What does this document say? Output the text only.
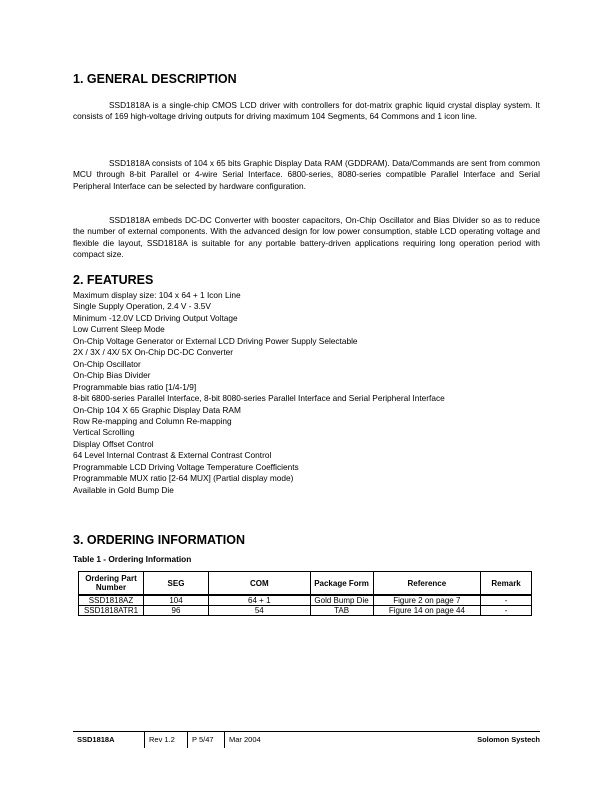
1. GENERAL DESCRIPTION

SSD1818A is a single-chip CMOS LCD driver with controllers for dot-matrix graphic liquid crystal display system. It consists of 169 high-voltage driving outputs for driving maximum 104 Segments, 64 Commons and 1 icon line.

SSD1818A consists of 104 x 65 bits Graphic Display Data RAM (GDDRAM). Data/Commands are sent from common MCU through 8-bit Parallel or 4-wire Serial Interface. 6800-series, 8080-series compatible Parallel Interface and Serial Peripheral Interface can be selected by hardware configuration.

SSD1818A embeds DC-DC Converter with booster capacitors, On-Chip Oscillator and Bias Divider so as to reduce the number of external components. With the advanced design for low power consumption, stable LCD operating voltage and flexible die layout, SSD1818A is suitable for any portable battery-driven applications requiring long operation period with compact size.

2. FEATURES
Maximum display size: 104 x 64 + 1 Icon Line
Single Supply Operation, 2.4 V - 3.5V
Minimum -12.0V LCD Driving Output Voltage
Low Current Sleep Mode
On-Chip Voltage Generator or External LCD Driving Power Supply Selectable
2X / 3X / 4X/ 5X On-Chip DC-DC Converter
On-Chip Oscillator
On-Chip Bias Divider
Programmable bias ratio [1/4-1/9]
8-bit 6800-series Parallel Interface, 8-bit 8080-series Parallel Interface and Serial Peripheral Interface
On-Chip 104 X 65 Graphic Display Data RAM
Row Re-mapping and Column Re-mapping
Vertical Scrolling
Display Offset Control
64 Level Internal Contrast & External Contrast Control
Programmable LCD Driving Voltage Temperature Coefficients
Programmable MUX ratio [2-64 MUX] (Partial display mode)
Available in Gold Bump Die
3. ORDERING INFORMATION
Table 1 - Ordering Information
Ordering Part Number	SEG	COM	Package Form	Reference	Remark
SSD1818AZ	104	64 + 1	Gold Bump Die	Figure 2 on page 7	-
SSD1818ATR1	96	54	TAB	Figure 14 on page 44	-
SSD1818A	Rev 1.2	P 5/47	Mar 2004	Solomon Systech
